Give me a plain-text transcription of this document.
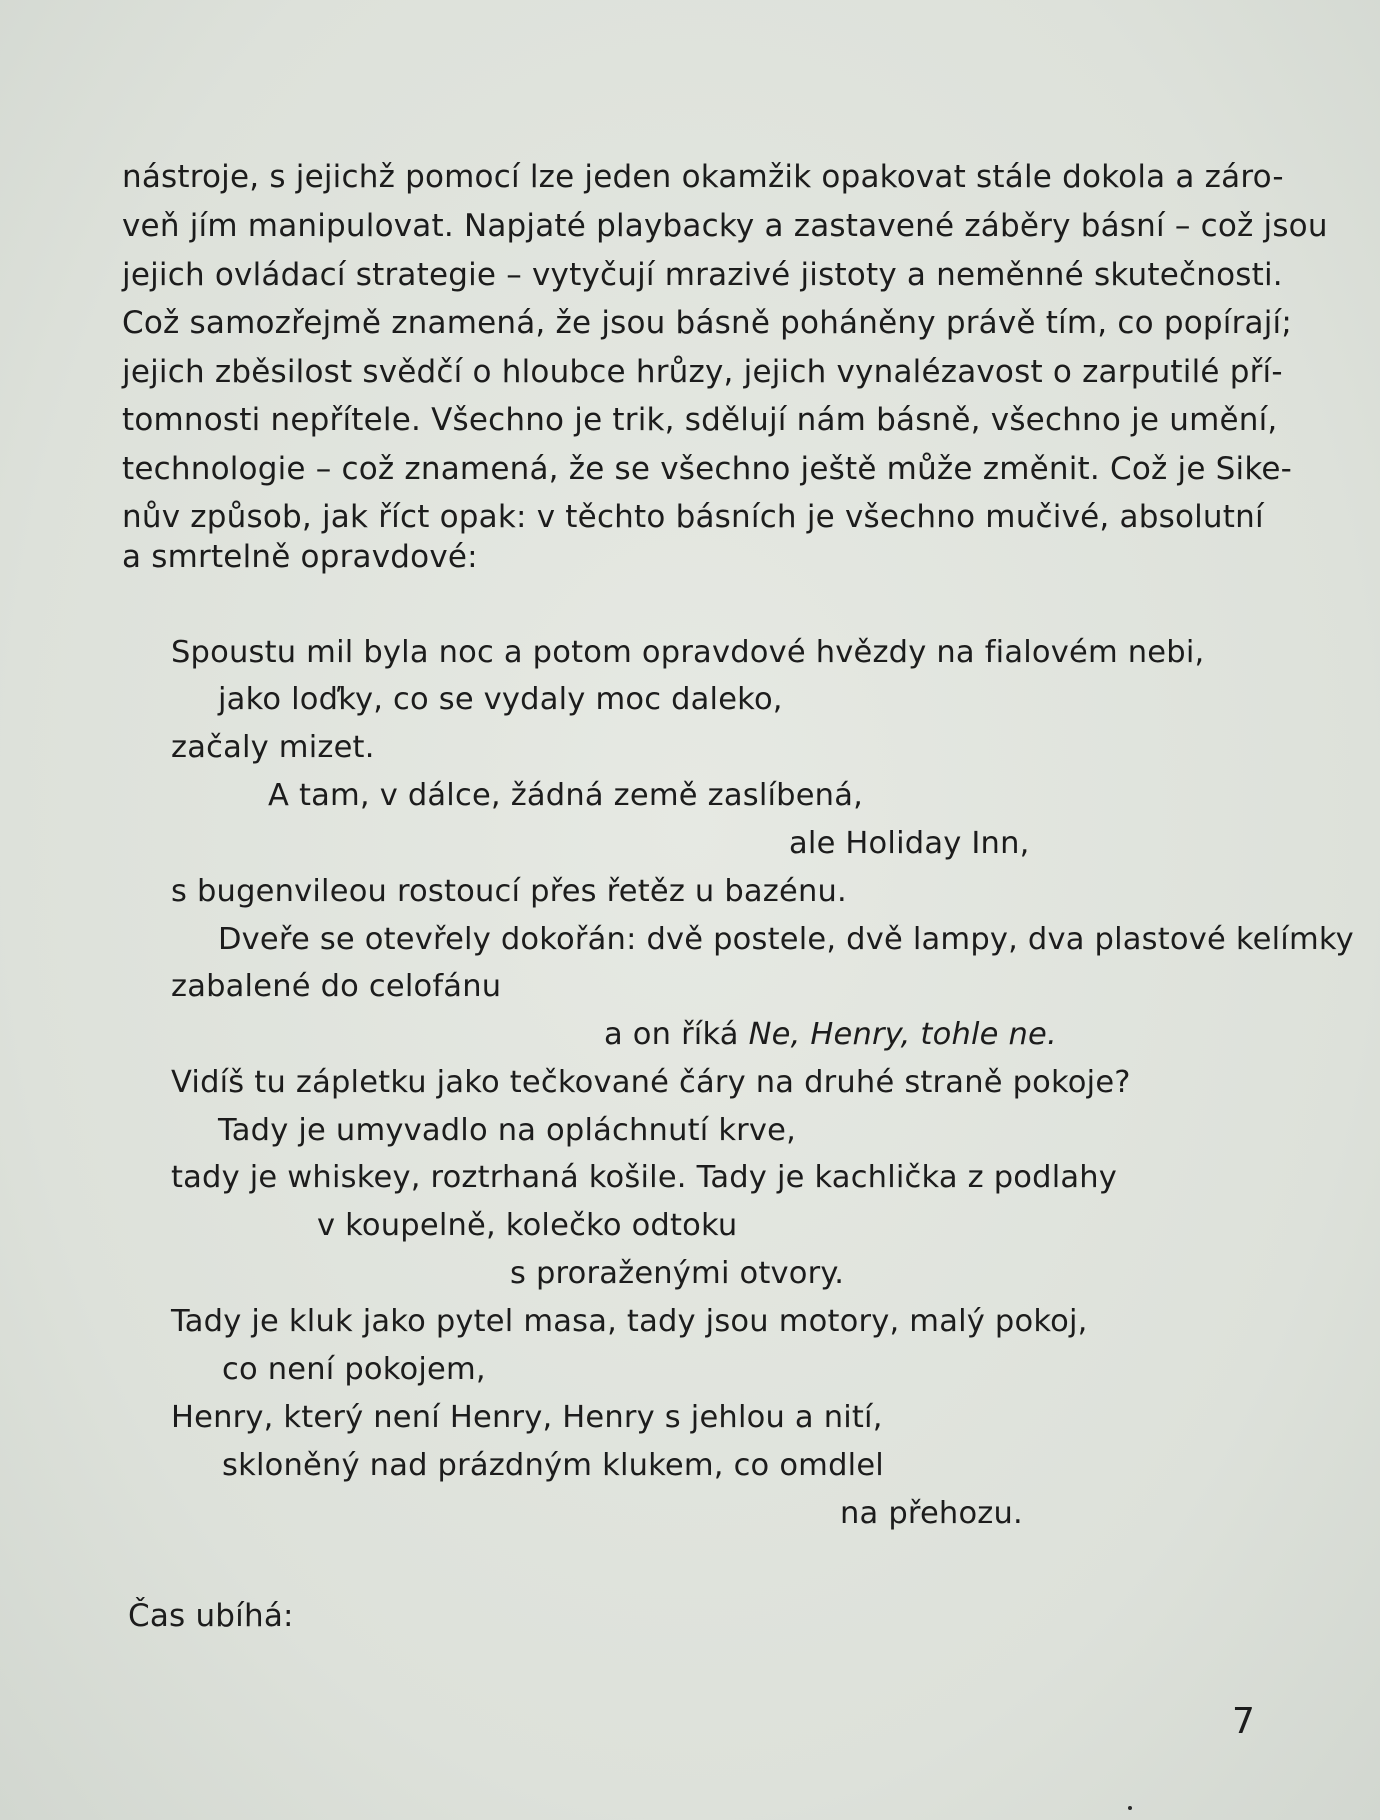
nástroje, s jejichž pomocí lze jeden okamžik opakovat stále dokola a záro-
veň jím manipulovat. Napjaté playbacky a zastavené záběry básní – což jsou
jejich ovládací strategie – vytyčují mrazivé jistoty a neměnné skutečnosti.
Což samozřejmě znamená, že jsou básně poháněny právě tím, co popírají;
jejich zběsilost svědčí o hloubce hrůzy, jejich vynalézavost o zarputilé pří-
tomnosti nepřítele. Všechno je trik, sdělují nám básně, všechno je umění,
technologie – což znamená, že se všechno ještě může změnit. Což je Sike-
nův způsob, jak říct opak: v těchto básních je všechno mučivé, absolutní
a smrtelně opravdové:
Spoustu mil byla noc a potom opravdové hvězdy na fialovém nebi,
jako loďky, co se vydaly moc daleko,
začaly mizet.
A tam, v dálce, žádná země zaslíbená,
ale Holiday Inn,
s bugenvileou rostoucí přes řetěz u bazénu.
Dveře se otevřely dokořán: dvě postele, dvě lampy, dva plastové kelímky
zabalené do celofánu
a on říká Ne, Henry, tohle ne.
Vidíš tu zápletku jako tečkované čáry na druhé straně pokoje?
Tady je umyvadlo na opláchnutí krve,
tady je whiskey, roztrhaná košile. Tady je kachlička z podlahy
v koupelně, kolečko odtoku
s proraženými otvory.
Tady je kluk jako pytel masa, tady jsou motory, malý pokoj,
co není pokojem,
Henry, který není Henry, Henry s jehlou a nití,
skloněný nad prázdným klukem, co omdlel
na přehozu.
Čas ubíhá:
7
